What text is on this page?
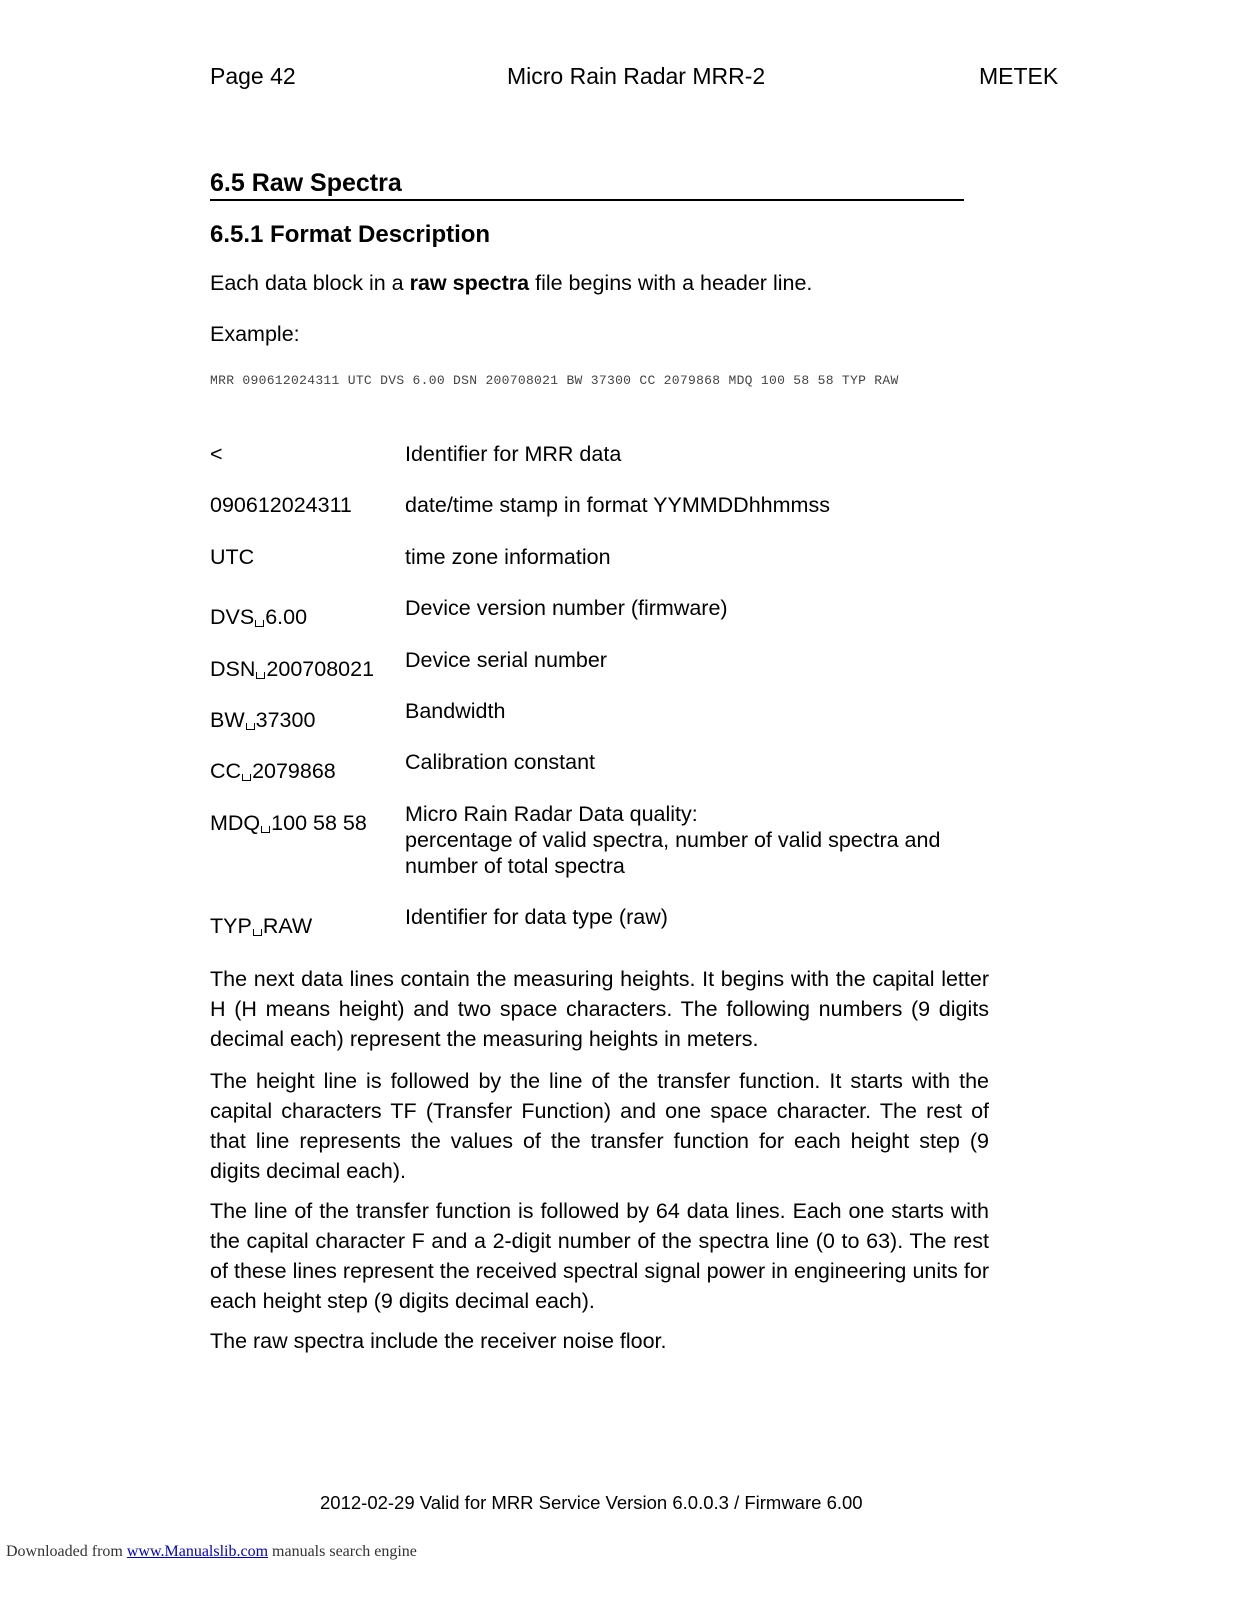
Page 42	Micro Rain Radar MRR-2	METEK
6.5 Raw Spectra
6.5.1 Format Description
Each data block in a raw spectra file begins with a header line.
Example:
MRR 090612024311 UTC DVS 6.00 DSN 200708021 BW 37300 CC 2079868 MDQ 100 58 58 TYP RAW
<	Identifier for MRR data
090612024311	date/time stamp in format YYMMDDhhmmss
UTC	time zone information
DVS 6.00	Device version number (firmware)
DSN 200708021	Device serial number
BW 37300	Bandwidth
CC 2079868	Calibration constant
MDQ 100 58 58	Micro Rain Radar Data quality:
percentage of valid spectra, number of valid spectra and
number of total spectra
TYP RAW	Identifier for data type (raw)
The next data lines contain the measuring heights. It begins with the capital letter H (H means height) and two space characters. The following numbers (9 digits decimal each) represent the measuring heights in meters.
The height line is followed by the line of the transfer function. It starts with the capital characters TF (Transfer Function) and one space character. The rest of that line represents the values of the transfer function for each height step (9 digits decimal each).
The line of the transfer function is followed by 64 data lines. Each one starts with the capital character F and a 2-digit number of the spectra line (0 to 63). The rest of these lines represent the received spectral signal power in engineering units for each height step (9 digits decimal each).
The raw spectra include the receiver noise floor.
2012-02-29 Valid for MRR Service Version 6.0.0.3 / Firmware 6.00
Downloaded from www.Manualslib.com manuals search engine
